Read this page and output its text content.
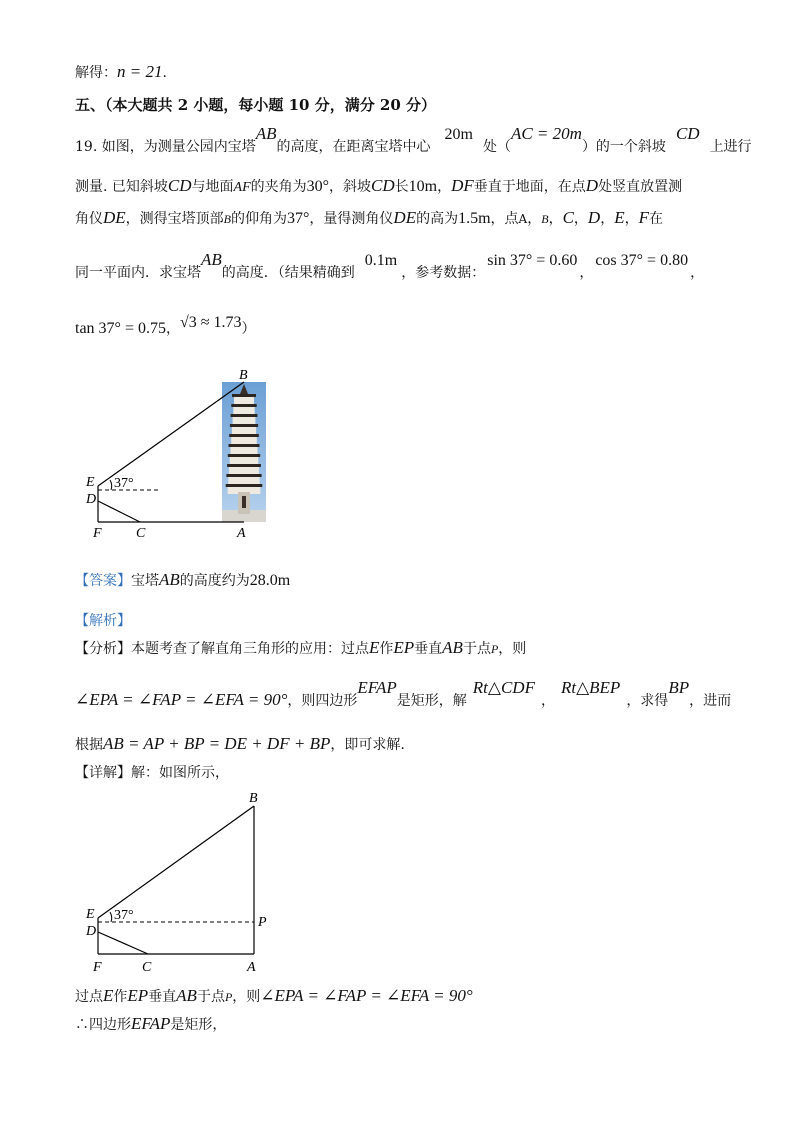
解得：n = 21.
五、（本大题共 2 小题，每小题 10 分，满分 20 分）
19. 如图，为测量公园内宝塔AB的高度，在距离宝塔中心20m处（AC = 20m）的一个斜坡CD上进行
测量. 已知斜坡CD与地面AF的夹角为30°，斜坡CD长10m，DF垂直于地面，在点D处竖直放置测
角仪DE，测得宝塔顶部B的仰角为37°，量得测角仪DE的高为1.5m，点A，B，C，D，E，F在
同一平面内．求宝塔AB的高度．（结果精确到0.1m，参考数据：sin 37° = 0.60，cos 37° = 0.80，
tan 37° = 0.75，√3 ≈ 1.73）
37°
B
E
D
F C	A
【答案】宝塔AB的高度约为28.0m
【解析】
【分析】本题考查了解直角三角形的应用：过点E作EP垂直AB于点P，则
∠EPA = ∠FAP = ∠EFA = 90°，则四边形EFAP是矩形，解Rt△CDF，Rt△BEP，求得BP，进而
根据AB = AP + BP = DE + DF + BP，即可求解.
【详解】解：如图所示，
37°
B
E
D
P
F	C	A
过点E作EP垂直AB于点P，则∠EPA = ∠FAP = ∠EFA = 90°
∴四边形EFAP是矩形，
